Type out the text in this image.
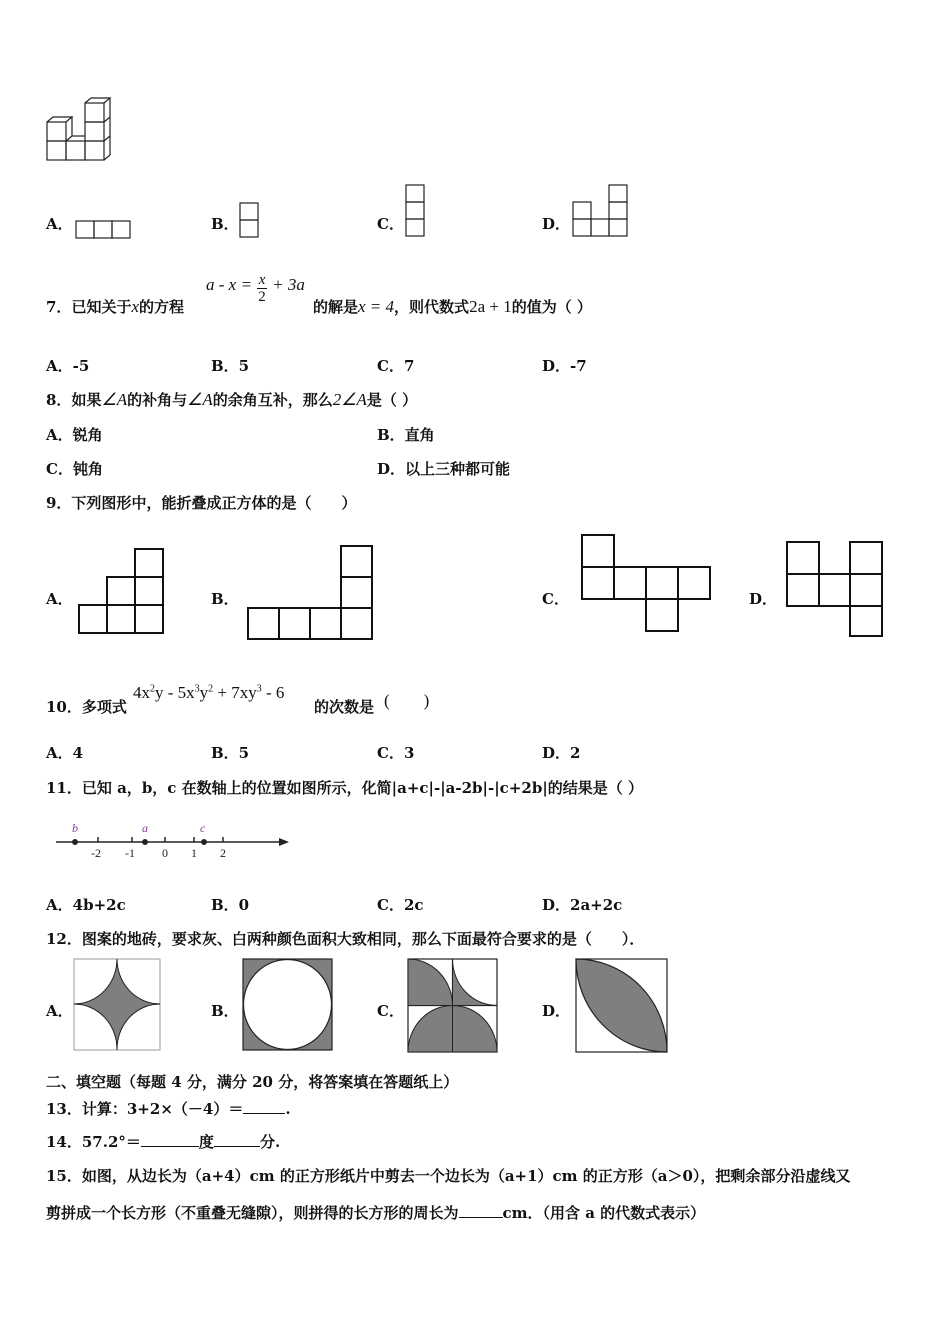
A．	B．	C．	D．
7．已知关于x的方程
$a - x = \frac{x}{2} + 3a$
的解是x = 4，则代数式2a + 1的值为（ ）
A．-5	B．5	C．7	D．-7
8．如果∠A的补角与∠A的余角互补，那么2∠A是（ ）
A．锐角	B．直角
C．钝角	D．以上三种都可能
9．下列图形中，能折叠成正方体的是（　　）
A．	B．	C．	D．
10．多项式
$4x^2y - 5x^3y^2 + 7xy^3 - 6$
的次数是 (　　)
A．4	B．5	C．3	D．2
11．已知 a，b，c 在数轴上的位置如图所示，化简|a+c|-|a-2b|-|c+2b|的结果是（ ）
-2 -1 0 1 2
b	a	c
A．4b+2c	B．0	C．2c	D．2a+2c
12．图案的地砖，要求灰、白两种颜色面积大致相同，那么下面最符合要求的是（　　）．
A．	B．	C．	D．
二、填空题（每题 4 分，满分 20 分，将答案填在答题纸上）
13．计算：3+2×（－4）＝	.
14．57.2°＝	度	分.
15．如图，从边长为（a+4）cm 的正方形纸片中剪去一个边长为（a+1）cm 的正方形（a＞0），把剩余部分沿虚线又
剪拼成一个长方形（不重叠无缝隙），则拼得的长方形的周长为	cm．（用含 a 的代数式表示）
